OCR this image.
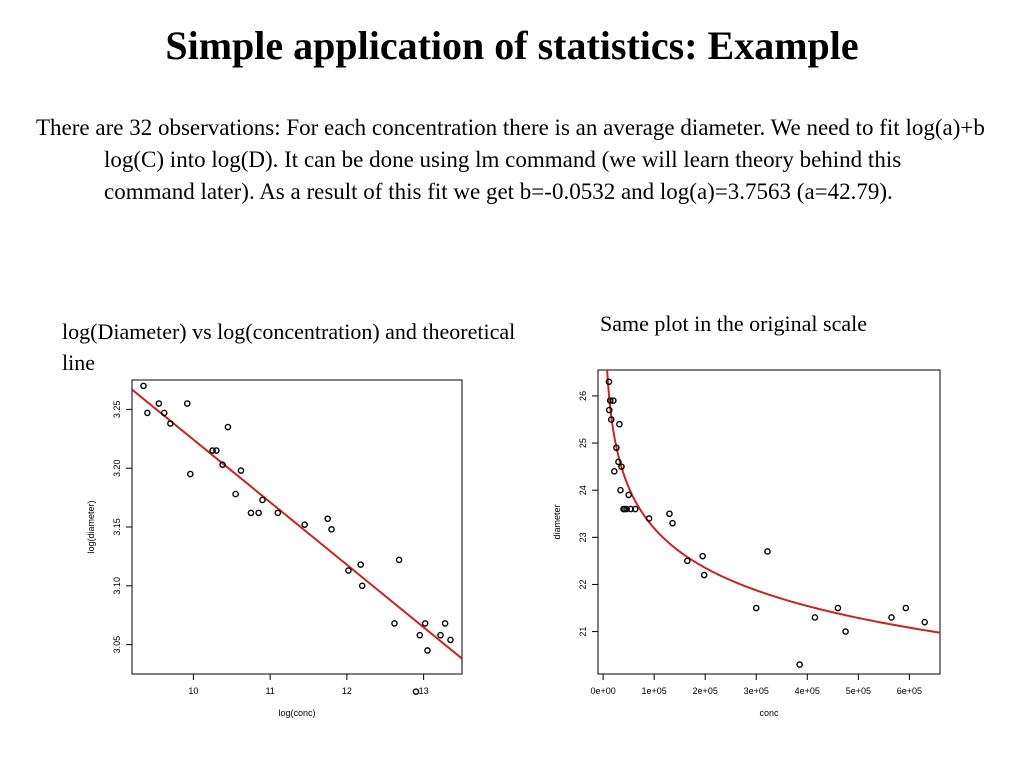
Simple application of statistics: Example
There are 32 observations: For each concentration there is an average diameter. We need to fit log(a)+b log(C) into log(D). It can be done using lm command (we will learn theory behind this command later). As a result of this fit we get b=-0.0532 and log(a)=3.7563 (a=42.79).
log(Diameter) vs log(concentration) and theoretical line
Same plot in the original scale
10	11	12	13
3.05
3.10
3.15
3.20
3.25
log(conc)
log(diameter)
0e+00	1e+05	2e+05	3e+05	4e+05	5e+05	6e+05
21
22
23
24
25
26
conc
diameter
